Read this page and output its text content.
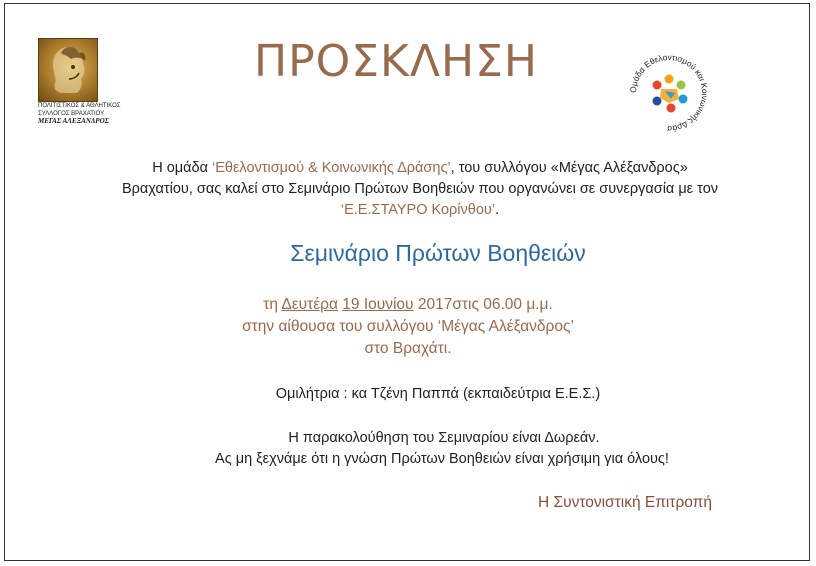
ΠΟΛΙΤΙΣΤΙΚΟΣ & ΑΘΛΗΤΙΚΟΣ
ΣΥΛΛΟΓΟΣ ΒΡΑΧΑΤΙΟΥ
ΜΕΓΑΣ ΑΛΕΞΑΝΔΡΟΣ
ΠΡΟΣΚΛΗΣΗ
Ομάδα Εθελοντισμού και Κοινωνικής Δράσ
Η ομάδα ‘Εθελοντισμού & Κοινωνικής Δράσης’, του συλλόγου «Μέγας Αλέξανδρος»
Βραχατίου, σας καλεί στο Σεμινάριο Πρώτων Βοηθειών που οργανώνει σε συνεργασία με τον
‘Ε.Ε.ΣΤΑΥΡΟ Κορίνθου’.
Σεμινάριο Πρώτων Βοηθειών
τη Δευτέρα 19 Ιουνίου 2017στις 06.00 μ.μ.
στην αίθουσα του συλλόγου ‘Μέγας Αλέξανδρος’
στο Βραχάτι.
Ομιλήτρια : κα Τζένη Παππά (εκπαιδεύτρια Ε.Ε.Σ.)
Η παρακολούθηση του Σεμιναρίου είναι Δωρεάν.
Ας μη ξεχνάμε ότι η γνώση Πρώτων Βοηθειών είναι χρήσιμη για όλους!
Η Συντονιστική Επιτροπή
